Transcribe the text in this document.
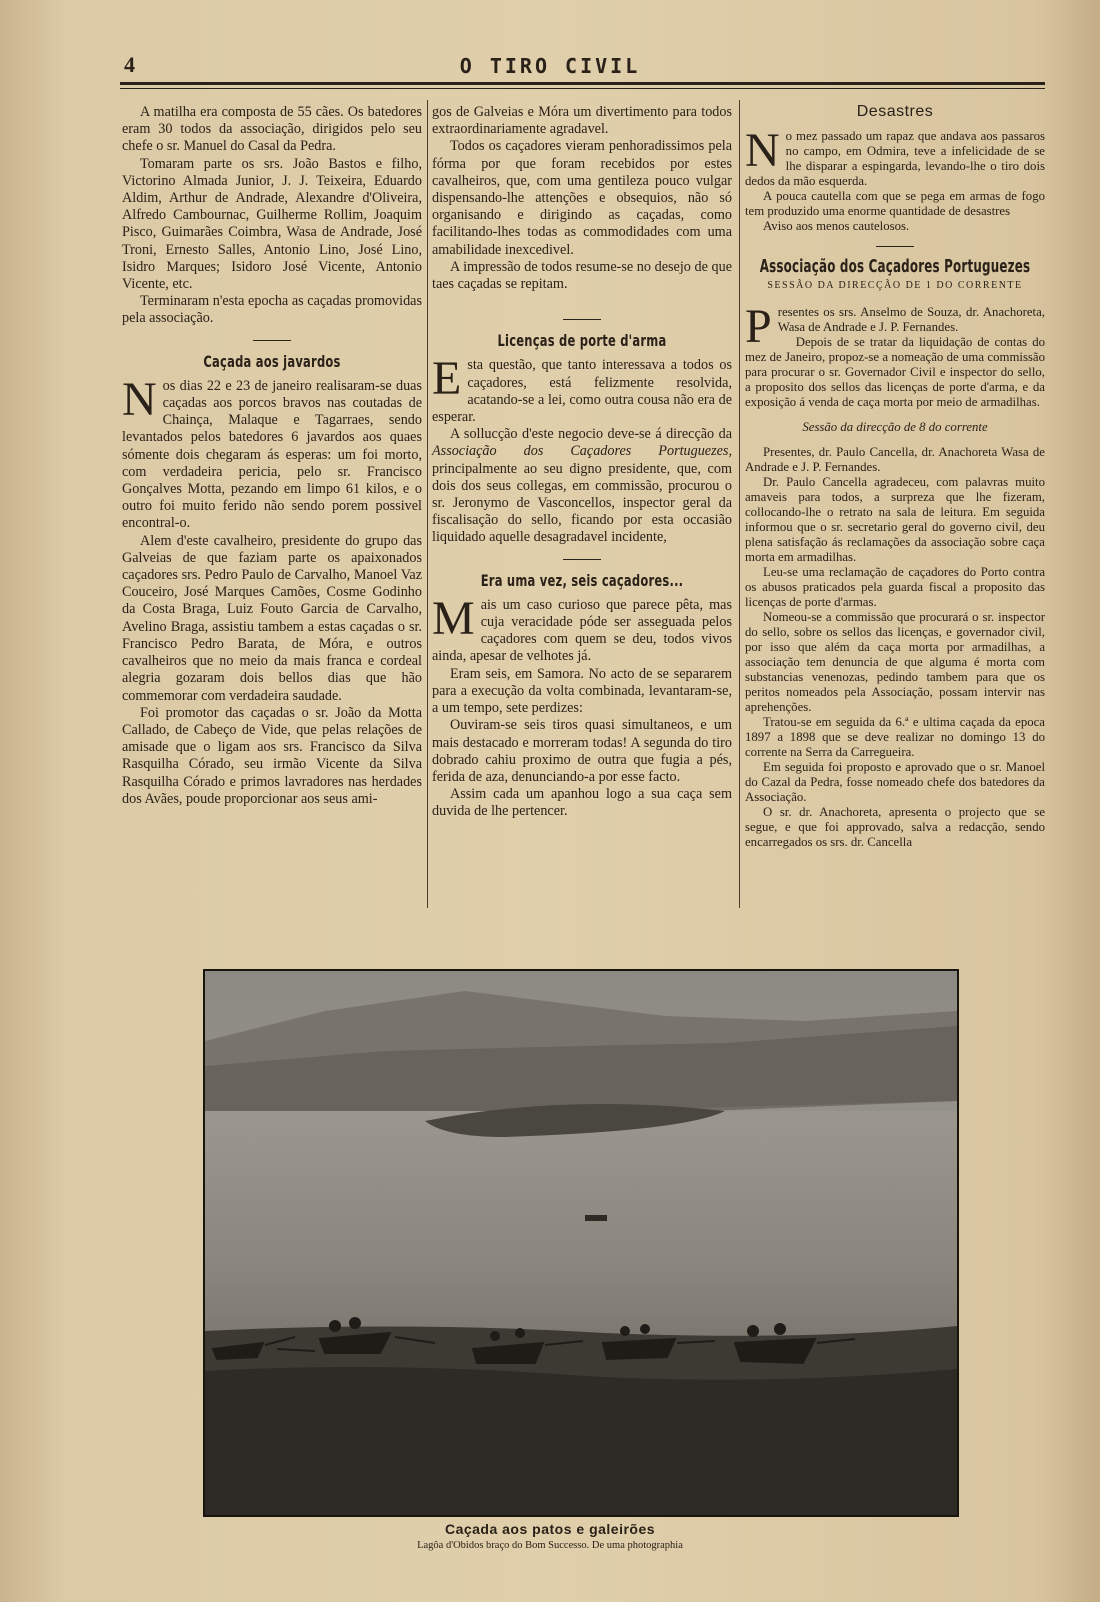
4	O TIRO CIVIL

A matilha era composta de 55 cães. Os batedores eram 30 todos da associação, dirigidos pelo seu chefe o sr. Manuel do Casal da Pedra.

Tomaram parte os srs. João Bastos e filho, Victorino Almada Junior, J. J. Teixeira, Eduardo Aldim, Arthur de Andrade, Alexandre d'Oliveira, Alfredo Cambournac, Guilherme Rollim, Joaquim Pisco, Guimarães Coimbra, Wasa de Andrade, José Troni, Ernesto Salles, Antonio Lino, José Lino, Isidro Marques; Isidoro José Vicente, Antonio Vicente, etc.

Terminaram n'esta epocha as caçadas promovidas pela associação.

Caçada aos javardos

Nos dias 22 e 23 de janeiro realisaram-se duas caçadas aos porcos bravos nas coutadas de Chainça, Malaque e Tagarraes, sendo levantados pelos batedores 6 javardos aos quaes sómente dois chegaram ás esperas: um foi morto, com verdadeira pericia, pelo sr. Francisco Gonçalves Motta, pezando em limpo 61 kilos, e o outro foi muito ferido não sendo porem possivel encontral-o.

Alem d'este cavalheiro, presidente do grupo das Galveias de que faziam parte os apaixonados caçadores srs. Pedro Paulo de Carvalho, Manoel Vaz Couceiro, José Marques Camões, Cosme Godinho da Costa Braga, Luiz Fouto Garcia de Carvalho, Avelino Braga, assistiu tambem a estas caçadas o sr. Francisco Pedro Barata, de Móra, e outros cavalheiros que no meio da mais franca e cordeal alegria gozaram dois bellos dias que hão commemorar com verdadeira saudade.

Foi promotor das caçadas o sr. João da Motta Callado, de Cabeço de Vide, que pelas relações de amisade que o ligam aos srs. Francisco da Silva Rasquilha Córado, seu irmão Vicente da Silva Rasquilha Córado e primos lavradores nas herdades dos Avães, poude proporcionar aos seus ami-

gos de Galveias e Móra um divertimento para todos extraordinariamente agradavel.

Todos os caçadores vieram penhoradissimos pela fórma por que foram recebidos por estes cavalheiros, que, com uma gentileza pouco vulgar dispensando-lhe attenções e obsequios, não só organisando e dirigindo as caçadas, como facilitando-lhes todas as commodidades com uma amabilidade inexcedivel.

A impressão de todos resume-se no desejo de que taes caçadas se repitam.

Licenças de porte d'arma

Esta questão, que tanto interessava a todos os caçadores, está felizmente resolvida, acatando-se a lei, como outra cousa não era de esperar.

A sollucção d'este negocio deve-se á direcção da Associação dos Caçadores Portuguezes, principalmente ao seu digno presidente, que, com dois dos seus collegas, em commissão, procurou o sr. Jeronymo de Vasconcellos, inspector geral da fiscalisação do sello, ficando por esta occasião liquidado aquelle desagradavel incidente,

Era uma vez, seis caçadores...

Mais um caso curioso que parece pêta, mas cuja veracidade póde ser asseguada pelos caçadores com quem se deu, todos vivos ainda, apesar de velhotes já.

Eram seis, em Samora. No acto de se separarem para a execução da volta combinada, levantaram-se, a um tempo, sete perdizes:

Ouviram-se seis tiros quasi simultaneos, e um mais destacado e morreram todas! A segunda do tiro dobrado cahiu proximo de outra que fugia a pés, ferida de aza, denunciando-a por esse facto.

Assim cada um apanhou logo a sua caça sem duvida de lhe pertencer.

Desastres

No mez passado um rapaz que andava aos passaros no campo, em Odmira, teve a infelicidade de se lhe disparar a espingarda, levando-lhe o tiro dois dedos da mão esquerda.

A pouca cautella com que se pega em armas de fogo tem produzido uma enorme quantidade de desastres

Aviso aos menos cautelosos.

Associação dos Caçadores Portuguezes
SESSÃO DA DIRECÇÃO DE 1 DO CORRENTE

Presentes os srs. Anselmo de Souza, dr. Anachoreta, Wasa de Andrade e J. P. Fernandes.

Depois de se tratar da liquidação de contas do mez de Janeiro, propoz-se a nomeação de uma commissão para procurar o sr. Governador Civil e inspector do sello, a proposito dos sellos das licenças de porte d'arma, e da exposição á venda de caça morta por meio de armadilhas.

Sessão da direcção de 8 do corrente

Presentes, dr. Paulo Cancella, dr. Anachoreta Wasa de Andrade e J. P. Fernandes.

Dr. Paulo Cancella agradeceu, com palavras muito amaveis para todos, a surpreza que lhe fizeram, collocando-lhe o retrato na sala de leitura. Em seguida informou que o sr. secretario geral do governo civil, deu plena satisfação ás reclamações da associação sobre caça morta em armadilhas.

Leu-se uma reclamação de caçadores do Porto contra os abusos praticados pela guarda fiscal a proposito das licenças de porte d'armas.

Nomeou-se a commissão que procurará o sr. inspector do sello, sobre os sellos das licenças, e governador civil, por isso que além da caça morta por armadilhas, a associação tem denuncia de que alguma é morta com substancias venenozas, pedindo tambem para que os peritos nomeados pela Associação, possam intervir nas aprehenções.

Tratou-se em seguida da 6.ª e ultima caçada da epoca 1897 a 1898 que se deve realizar no domingo 13 do corrente na Serra da Carregueira.

Em seguida foi proposto e aprovado que o sr. Manoel do Cazal da Pedra, fosse nomeado chefe dos batedores da Associação.

O sr. dr. Anachoreta, apresenta o projecto que se segue, e que foi approvado, salva a redacção, sendo encarregados os srs. dr. Cancella

Caçada aos patos e galeirões
Lagôa d'Obidos braço do Bom Successo. De uma photographia
